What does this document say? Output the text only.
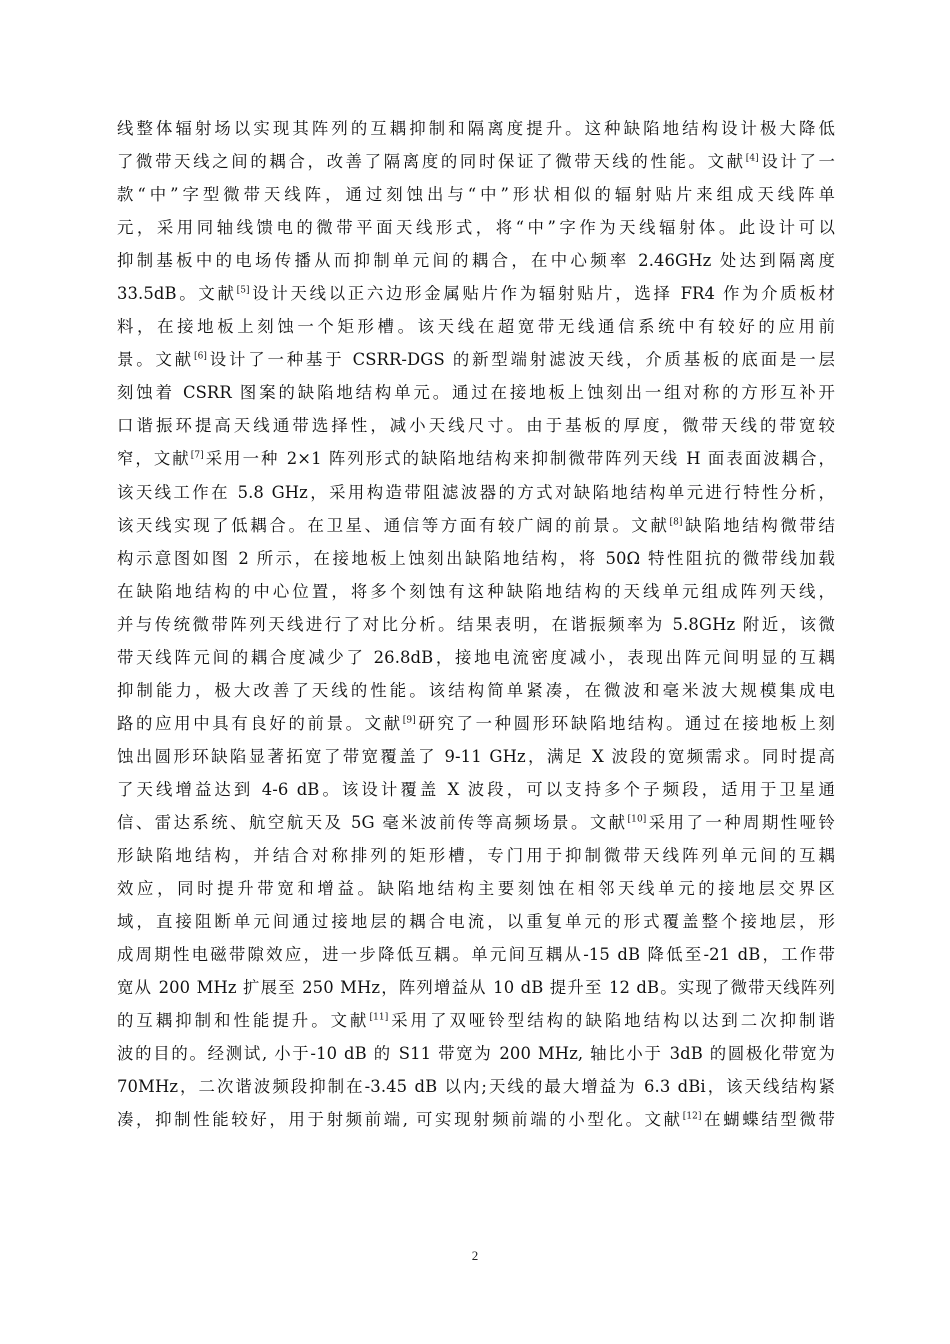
线整体辐射场以实现其阵列的互耦抑制和隔离度提升。这种缺陷地结构设计极大降低
了微带天线之间的耦合，改善了隔离度的同时保证了微带天线的性能。文献[4]设计了一
款“中”字型微带天线阵，通过刻蚀出与“中”形状相似的辐射贴片来组成天线阵单
元，采用同轴线馈电的微带平面天线形式，将“中”字作为天线辐射体。此设计可以
抑制基板中的电场传播从而抑制单元间的耦合，在中心频率 2.46GHz 处达到隔离度
33.5dB。文献[5]设计天线以正六边形金属贴片作为辐射贴片，选择 FR4 作为介质板材
料，在接地板上刻蚀一个矩形槽。该天线在超宽带无线通信系统中有较好的应用前
景。文献[6]设计了一种基于 CSRR-DGS 的新型端射滤波天线，介质基板的底面是一层
刻蚀着 CSRR 图案的缺陷地结构单元。通过在接地板上蚀刻出一组对称的方形互补开
口谐振环提高天线通带选择性，减小天线尺寸。由于基板的厚度，微带天线的带宽较
窄，文献[7]采用一种 2×1 阵列形式的缺陷地结构来抑制微带阵列天线 H 面表面波耦合，
该天线工作在 5.8 GHz，采用构造带阻滤波器的方式对缺陷地结构单元进行特性分析，
该天线实现了低耦合。在卫星、通信等方面有较广阔的前景。文献[8]缺陷地结构微带结
构示意图如图 2 所示，在接地板上蚀刻出缺陷地结构，将 50Ω 特性阻抗的微带线加载
在缺陷地结构的中心位置，将多个刻蚀有这种缺陷地结构的天线单元组成阵列天线，
并与传统微带阵列天线进行了对比分析。结果表明，在谐振频率为 5.8GHz 附近，该微
带天线阵元间的耦合度减少了 26.8dB，接地电流密度减小，表现出阵元间明显的互耦
抑制能力，极大改善了天线的性能。该结构简单紧凑，在微波和毫米波大规模集成电
路的应用中具有良好的前景。文献[9]研究了一种圆形环缺陷地结构。通过在接地板上刻
蚀出圆形环缺陷显著拓宽了带宽覆盖了 9-11 GHz，满足 X 波段的宽频需求。同时提高
了天线增益达到 4-6 dB。该设计覆盖 X 波段，可以支持多个子频段，适用于卫星通
信、雷达系统、航空航天及 5G 毫米波前传等高频场景。文献[10]采用了一种周期性哑铃
形缺陷地结构，并结合对称排列的矩形槽，专门用于抑制微带天线阵列单元间的互耦
效应，同时提升带宽和增益。缺陷地结构主要刻蚀在相邻天线单元的接地层交界区
域，直接阻断单元间通过接地层的耦合电流，以重复单元的形式覆盖整个接地层，形
成周期性电磁带隙效应，进一步降低互耦。单元间互耦从-15 dB 降低至-21 dB，工作带
宽从 200 MHz 扩展至 250 MHz，阵列增益从 10 dB 提升至 12 dB。实现了微带天线阵列
的互耦抑制和性能提升。文献[11]采用了双哑铃型结构的缺陷地结构以达到二次抑制谐
波的目的。经测试, 小于-10 dB 的 S11 带宽为 200 MHz, 轴比小于 3dB 的圆极化带宽为
70MHz，二次谐波频段抑制在-3.45 dB 以内;天线的最大增益为 6.3 dBi，该天线结构紧
凑，抑制性能较好，用于射频前端, 可实现射频前端的小型化。文献[12]在蝴蝶结型微带
2
